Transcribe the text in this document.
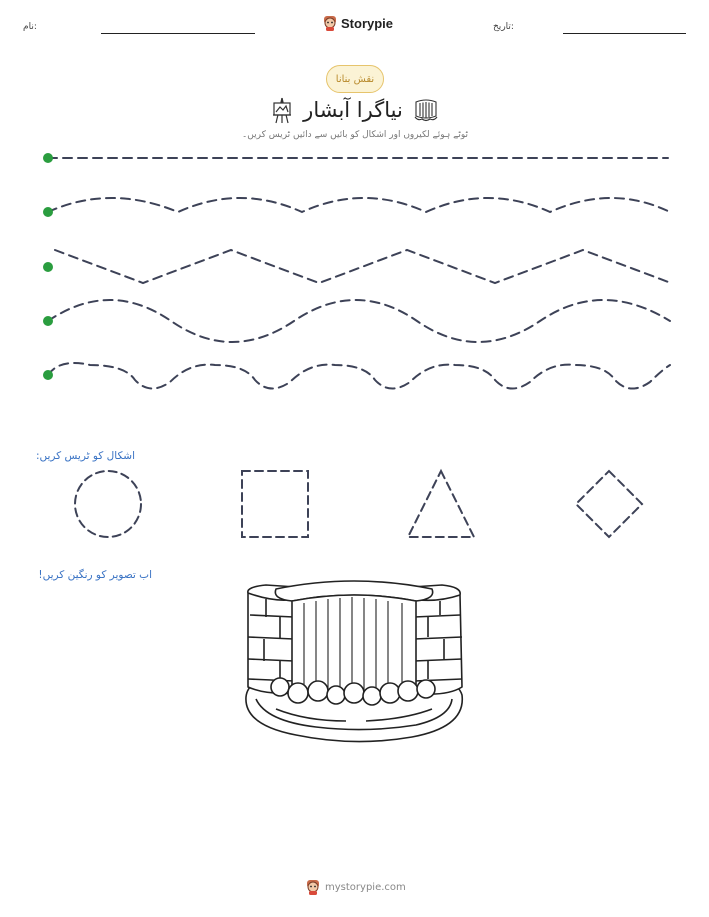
تاریخ:
نام:	Storypie
نقش بنانا
نیاگرا آبشار
ٹوٹے ہوئے لکیروں اور اشکال کو بائیں سے دائیں ٹریس کریں۔
اشکال کو ٹریس کریں:
اب تصویر کو رنگین کریں!
mystorypie.com
